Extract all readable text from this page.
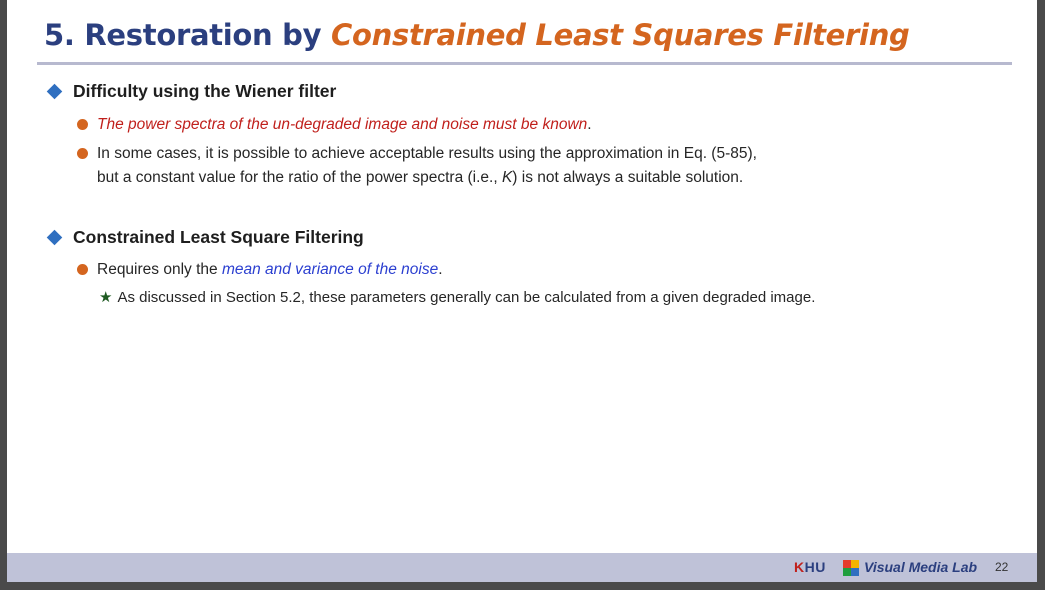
5. Restoration by Constrained Least Squares Filtering
Difficulty using the Wiener filter
The power spectra of the un-degraded image and noise must be known.
In some cases, it is possible to achieve acceptable results using the approximation in Eq. (5-85),
but a constant value for the ratio of the power spectra (i.e., K) is not always a suitable solution.
Constrained Least Square Filtering
Requires only the mean and variance of the noise.
★ As discussed in Section 5.2, these parameters generally can be calculated from a given degraded image.
KHU	Visual Media Lab 22
